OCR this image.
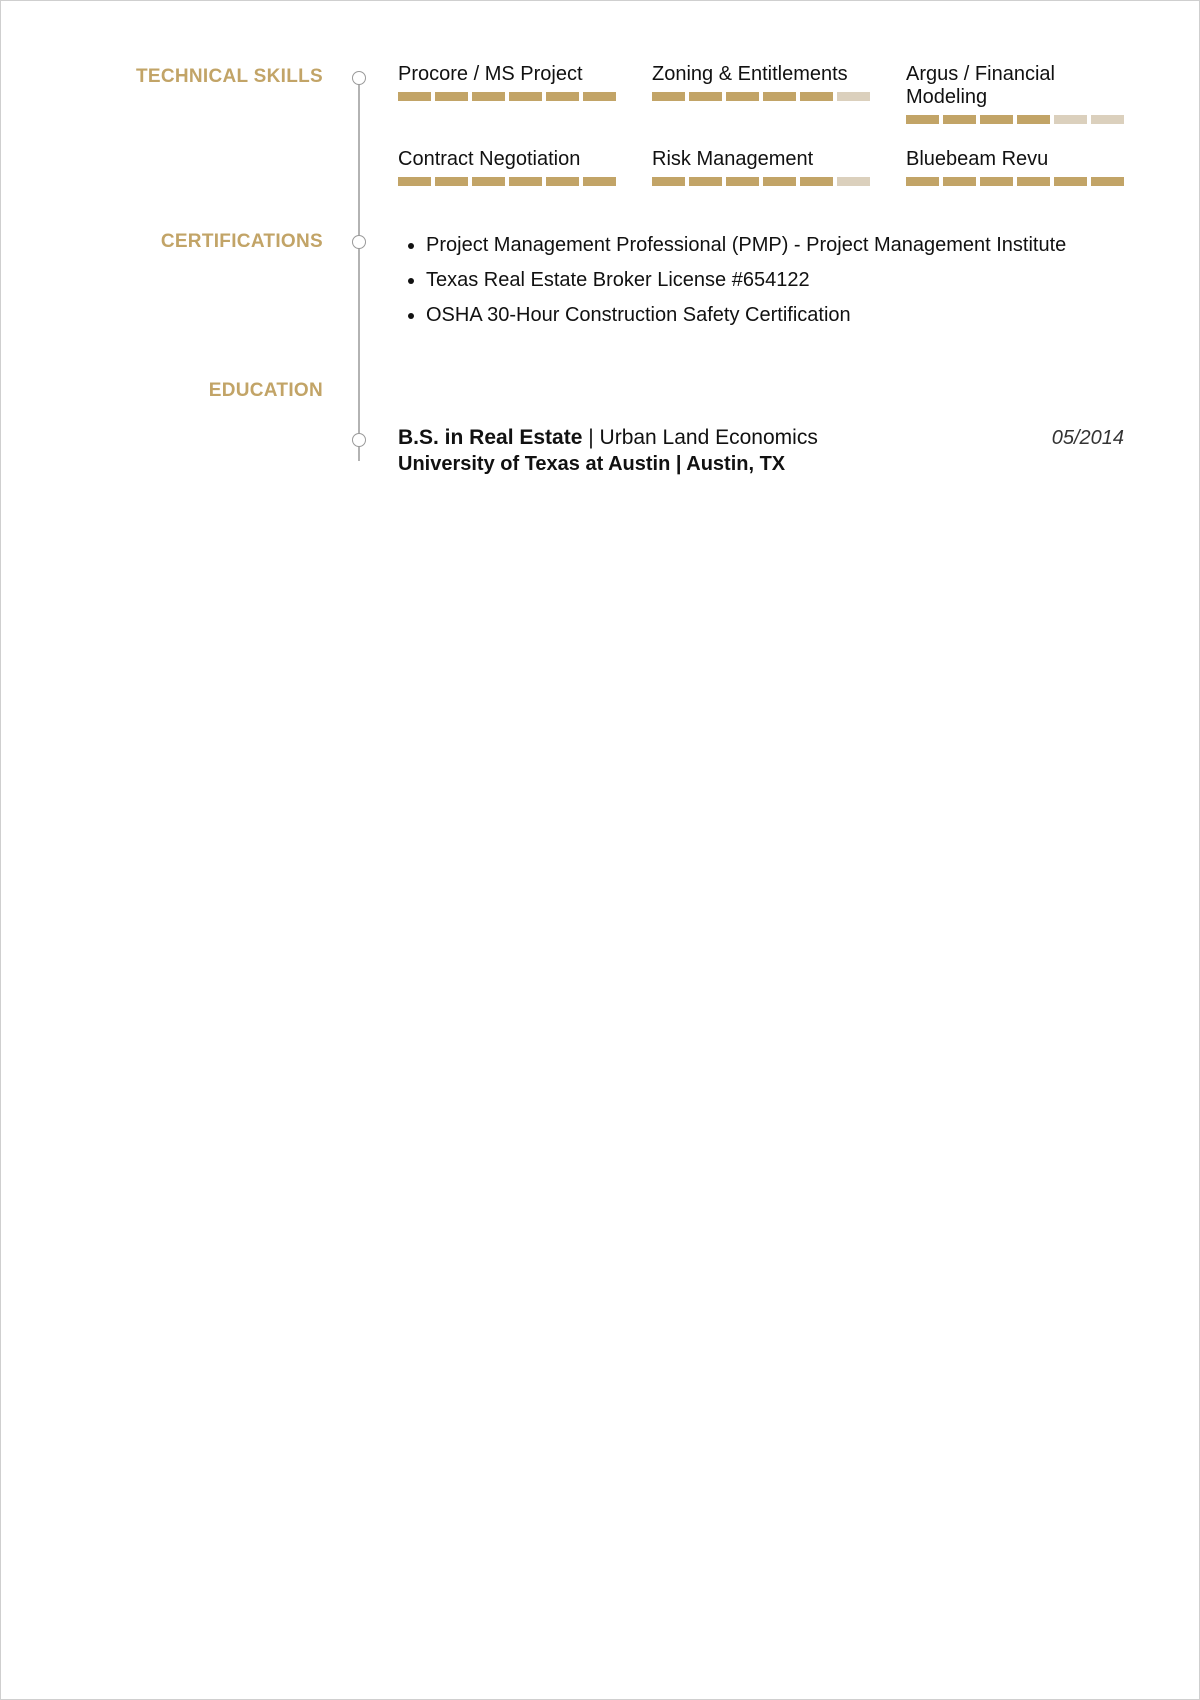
TECHNICAL SKILLS
CERTIFICATIONS
EDUCATION
Procore / MS Project	Zoning & Entitlements	Argus / Financial Modeling
Contract Negotiation	Risk Management	Bluebeam Revu
• Project Management Professional (PMP) - Project Management Institute
• Texas Real Estate Broker License #654122
• OSHA 30-Hour Construction Safety Certification
B.S. in Real Estate | Urban Land Economics	05/2014
University of Texas at Austin | Austin, TX
